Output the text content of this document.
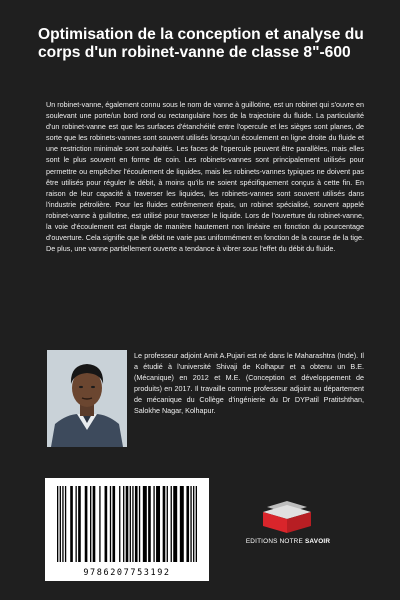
Optimisation de la conception et analyse du corps d'un robinet-vanne de classe 8"-600

Un robinet-vanne, également connu sous le nom de vanne à guillotine, est un robinet qui s'ouvre en soulevant une porte/un bord rond ou rectangulaire hors de la trajectoire du fluide. La particularité d'un robinet-vanne est que les surfaces d'étanchéité entre l'opercule et les sièges sont planes, de sorte que les robinets-vannes sont souvent utilisés lorsqu'un écoulement en ligne droite du fluide et une restriction minimale sont souhaités. Les faces de l'opercule peuvent être parallèles, mais elles sont le plus souvent en forme de coin. Les robinets-vannes sont principalement utilisés pour permettre ou empêcher l'écoulement de liquides, mais les robinets-vannes typiques ne doivent pas être utilisés pour réguler le débit, à moins qu'ils ne soient spécifiquement conçus à cette fin. En raison de leur capacité à traverser les liquides, les robinets-vannes sont souvent utilisés dans l'industrie pétrolière. Pour les fluides extrêmement épais, un robinet spécialisé, souvent appelé robinet-vanne à guillotine, est utilisé pour traverser le liquide. Lors de l'ouverture du robinet-vanne, la voie d'écoulement est élargie de manière hautement non linéaire en fonction du pourcentage d'ouverture. Cela signifie que le débit ne varie pas uniformément en fonction de la course de la tige. De plus, une vanne partiellement ouverte a tendance à vibrer sous l'effet du débit du fluide.

Le professeur adjoint Amit A.Pujari est né dans le Maharashtra (Inde). Il a étudié à l'université Shivaji de Kolhapur et a obtenu un B.E. (Mécanique) en 2012 et M.E. (Conception et développement de produits) en 2017. Il travaille comme professeur adjoint au département de mécanique du Collège d'ingénierie du Dr DYPatil Pratitshthan, Salokhe Nagar, Kolhapur.

9786207753192
EDITIONS NOTRE SAVOIR
